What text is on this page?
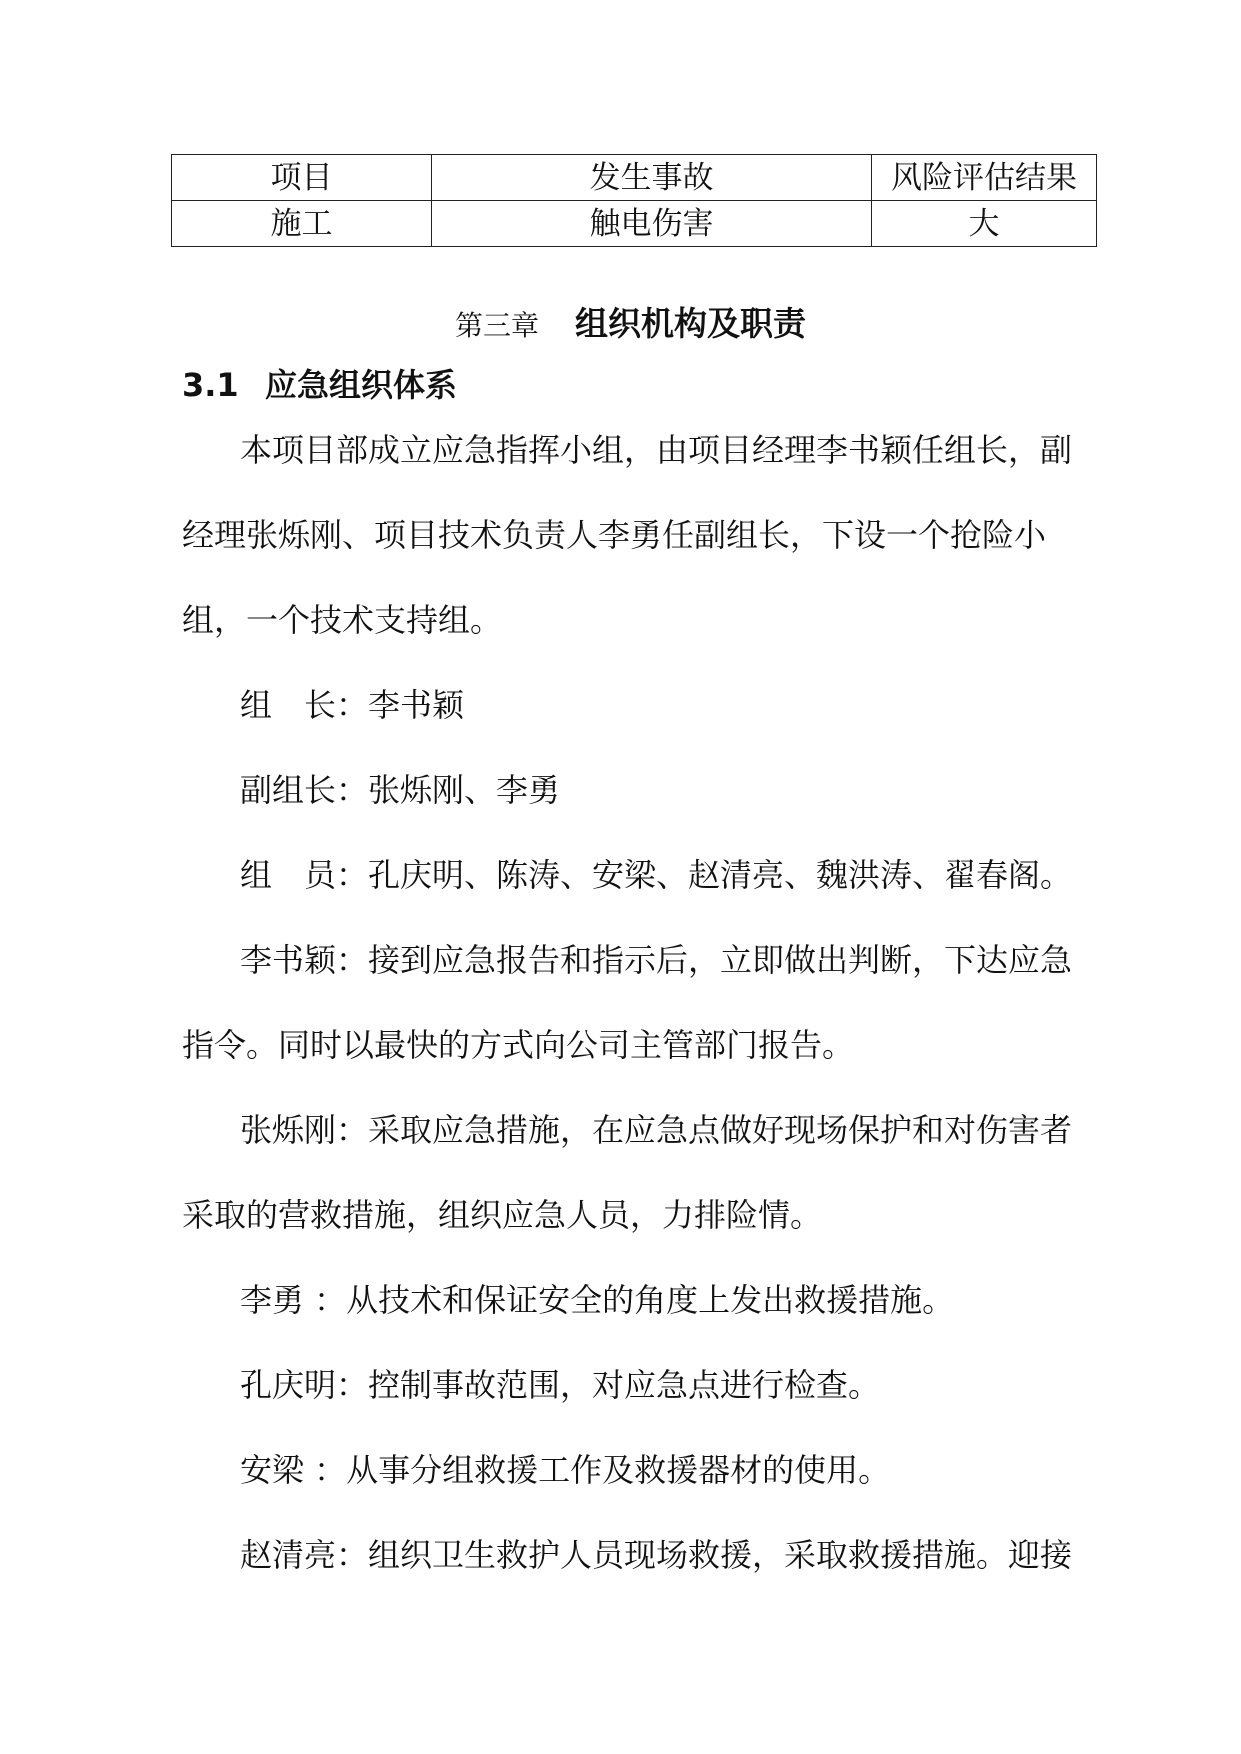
项目	发生事故	风险评估结果
施工	触电伤害	大
第三章 组织机构及职责
3.1 应急组织体系
本项目部成立应急指挥小组，由项目经理李书颖任组长，副
经理张烁刚、项目技术负责人李勇任副组长，下设一个抢险小
组，一个技术支持组。
组　长：李书颖
副组长：张烁刚、李勇
组　员：孔庆明、陈涛、安梁、赵清亮、魏洪涛、翟春阁。
李书颖：接到应急报告和指示后，立即做出判断，下达应急
指令。同时以最快的方式向公司主管部门报告。
张烁刚：采取应急措施，在应急点做好现场保护和对伤害者
采取的营救措施，组织应急人员，力排险情。
李勇 ：从技术和保证安全的角度上发出救援措施。
孔庆明：控制事故范围，对应急点进行检查。
安梁 ：从事分组救援工作及救援器材的使用。
赵清亮：组织卫生救护人员现场救援，采取救援措施。迎接
